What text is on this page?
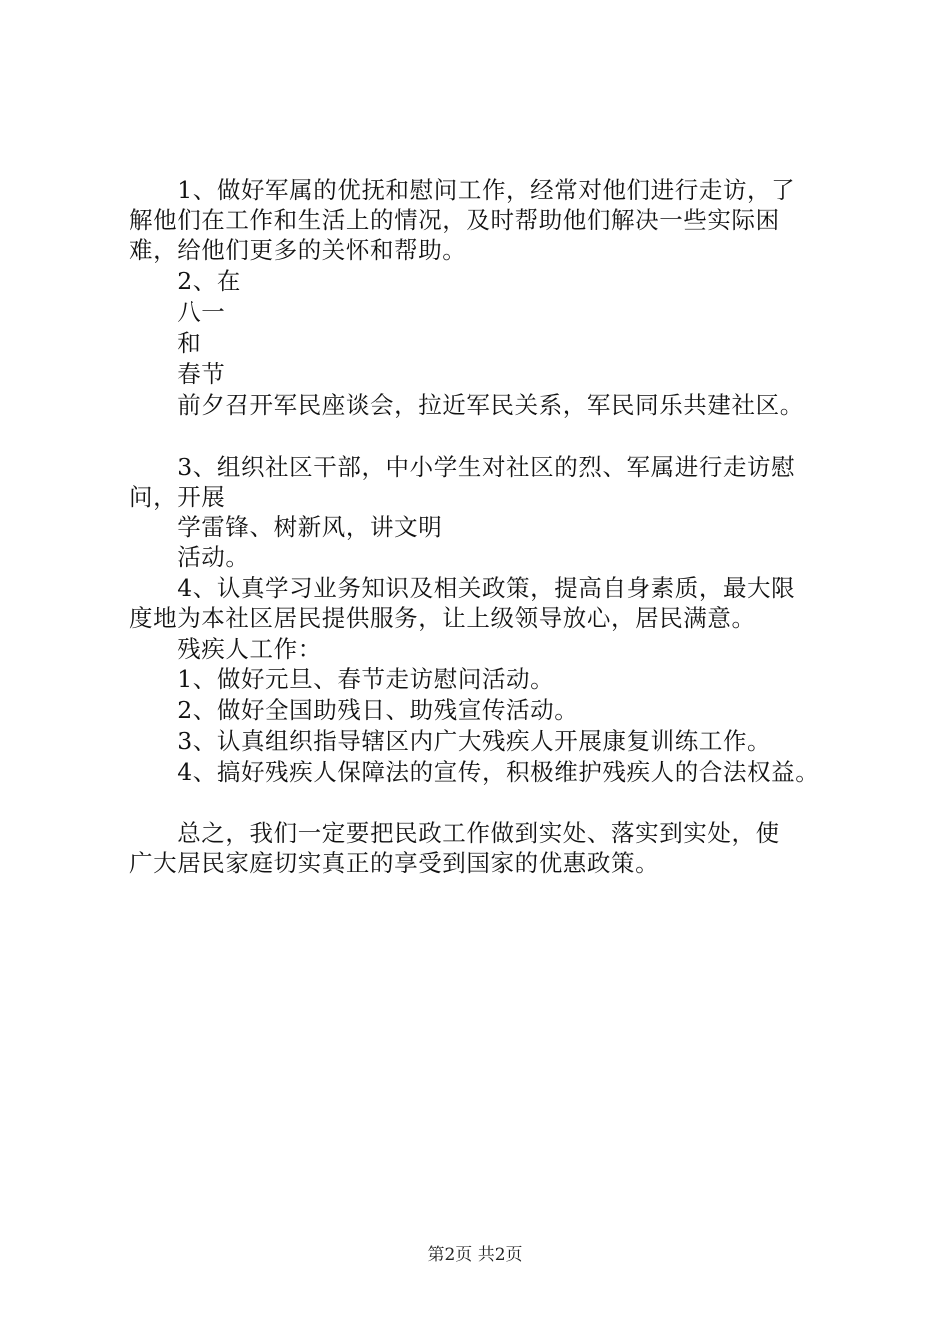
　　1、做好军属的优抚和慰问工作，经常对他们进行走访，了
解他们在工作和生活上的情况，及时帮助他们解决一些实际困
难，给他们更多的关怀和帮助。
　　2、在
　　八一
　　和
　　春节
　　前夕召开军民座谈会，拉近军民关系，军民同乐共建社区。
　　3、组织社区干部，中小学生对社区的烈、军属进行走访慰
问，开展
　　学雷锋、树新风，讲文明
　　活动。
　　4、认真学习业务知识及相关政策，提高自身素质，最大限
度地为本社区居民提供服务，让上级领导放心，居民满意。
　　残疾人工作：
　　1、做好元旦、春节走访慰问活动。
　　2、做好全国助残日、助残宣传活动。
　　3、认真组织指导辖区内广大残疾人开展康复训练工作。
　　4、搞好残疾人保障法的宣传，积极维护残疾人的合法权益。
　　总之，我们一定要把民政工作做到实处、落实到实处，使
广大居民家庭切实真正的享受到国家的优惠政策。
第2页 共2页
